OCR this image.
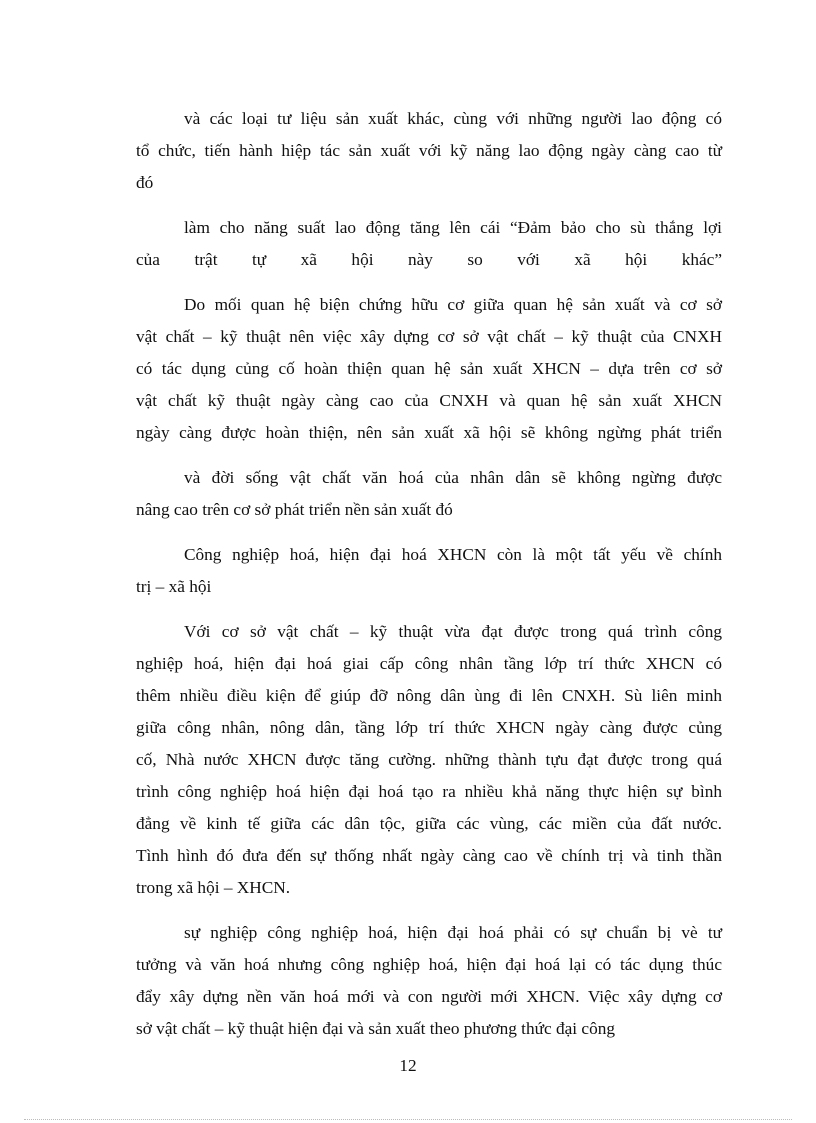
và các loại tư liệu sản xuất khác, cùng với những người lao động có
tổ chức, tiến hành hiệp tác sản xuất với kỹ năng lao động ngày càng cao từ
đó

làm cho năng suất lao động tăng lên cái “Đảm bảo cho sù thắng lợi
của trật tự xã hội này so với xã hội khác”

Do mối quan hệ biện chứng hữu cơ giữa quan hệ sản xuất và cơ sở
vật chất – kỹ thuật nên việc xây dựng cơ sở vật chất – kỹ thuật của CNXH
có tác dụng củng cố hoàn thiện quan hệ sản xuất XHCN – dựa trên cơ sở
vật chất kỹ thuật ngày càng cao của CNXH và quan hệ sản xuất XHCN
ngày càng được hoàn thiện, nên sản xuất xã hội sẽ không ngừng phát triển

và đời sống vật chất văn hoá của nhân dân sẽ không ngừng được
nâng cao trên cơ sở phát triển nền sản xuất đó

Công nghiệp hoá, hiện đại hoá XHCN còn là một tất yếu về chính
trị – xã hội

Với cơ sở vật chất – kỹ thuật vừa đạt được trong quá trình công
nghiệp hoá, hiện đại hoá giai cấp công nhân tầng lớp trí thức XHCN có
thêm nhiều điều kiện để giúp đỡ nông dân ùng đi lên CNXH. Sù liên minh
giữa công nhân, nông dân, tầng lớp trí thức XHCN ngày càng được củng
cố, Nhà nước XHCN được tăng cường. những thành tựu đạt được trong quá
trình công nghiệp hoá hiện đại hoá tạo ra nhiều khả năng thực hiện sự bình
đẳng về kinh tế giữa các dân tộc, giữa các vùng, các miền của đất nước.
Tình hình đó đưa đến sự thống nhất ngày càng cao về chính trị và tinh thần
trong xã hội – XHCN.

sự nghiệp công nghiệp hoá, hiện đại hoá phải có sự chuẩn bị vè tư
tưởng và văn hoá nhưng công nghiệp hoá, hiện đại hoá lại có tác dụng thúc
đẩy xây dựng nền văn hoá mới và con người mới XHCN. Việc xây dựng cơ
sở vật chất – kỹ thuật hiện đại và sản xuất theo phương thức đại công

12
